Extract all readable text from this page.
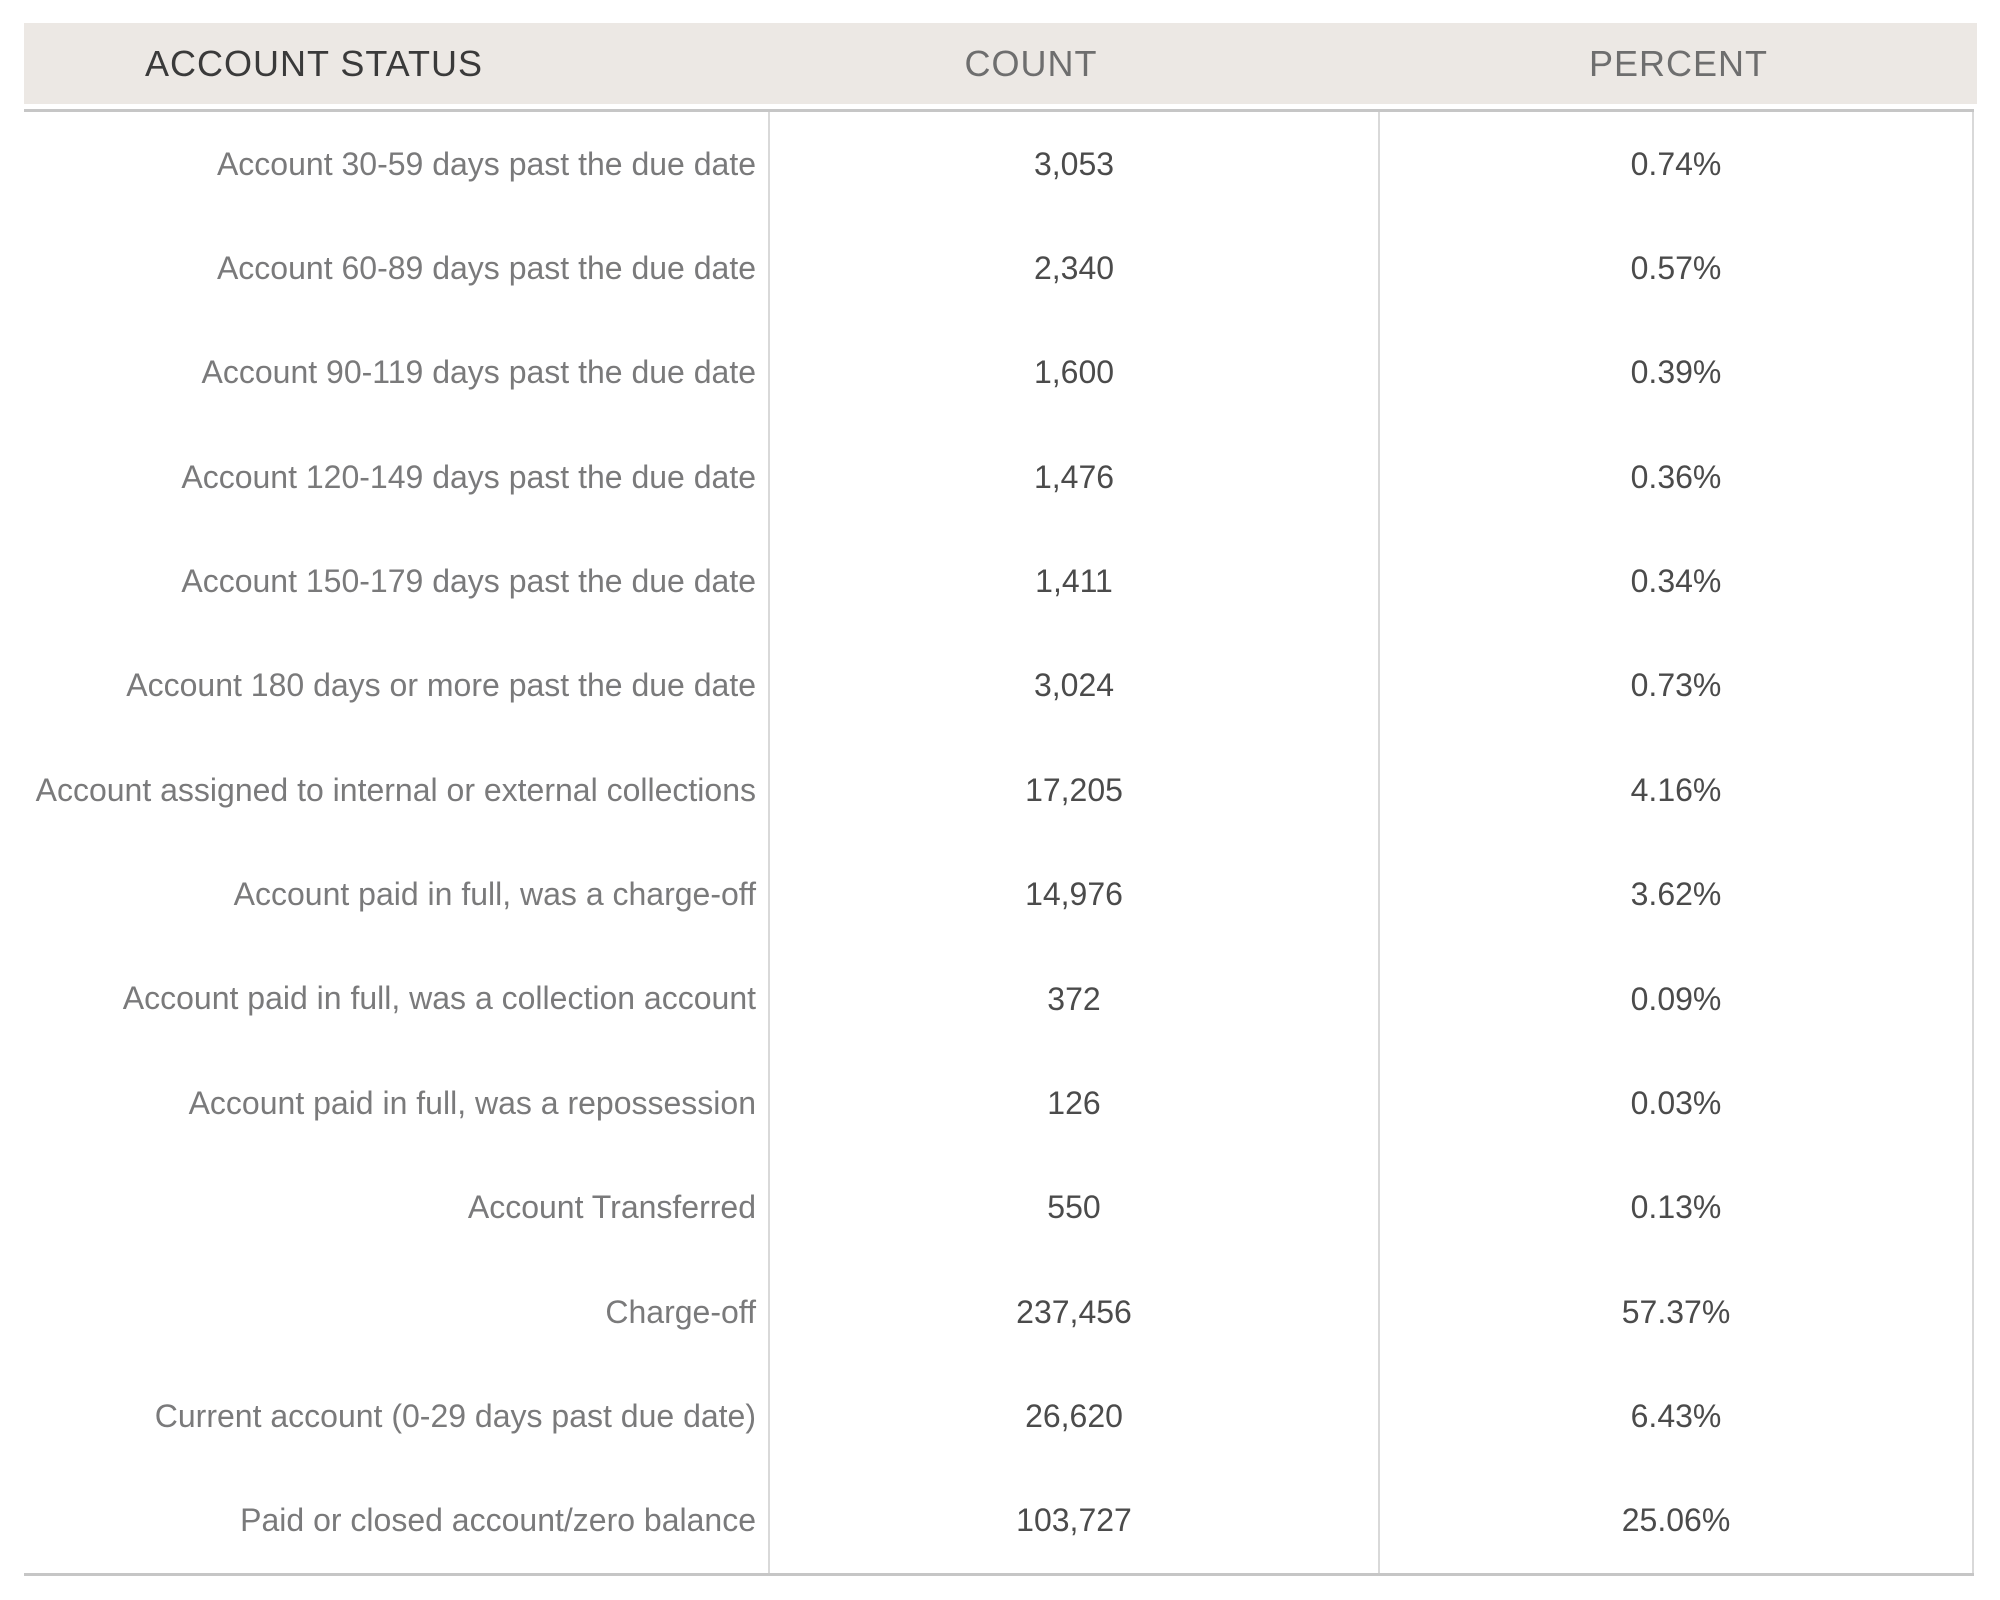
ACCOUNT STATUS	COUNT	PERCENT
Account 30-59 days past the due date	3,053	0.74%
Account 60-89 days past the due date	2,340	0.57%
Account 90-119 days past the due date	1,600	0.39%
Account 120-149 days past the due date	1,476	0.36%
Account 150-179 days past the due date	1,411	0.34%
Account 180 days or more past the due date	3,024	0.73%
Account assigned to internal or external collections	17,205	4.16%
Account paid in full, was a charge-off	14,976	3.62%
Account paid in full, was a collection account	372	0.09%
Account paid in full, was a repossession	126	0.03%
Account Transferred	550	0.13%
Charge-off	237,456	57.37%
Current account (0-29 days past due date)	26,620	6.43%
Paid or closed account/zero balance	103,727	25.06%
